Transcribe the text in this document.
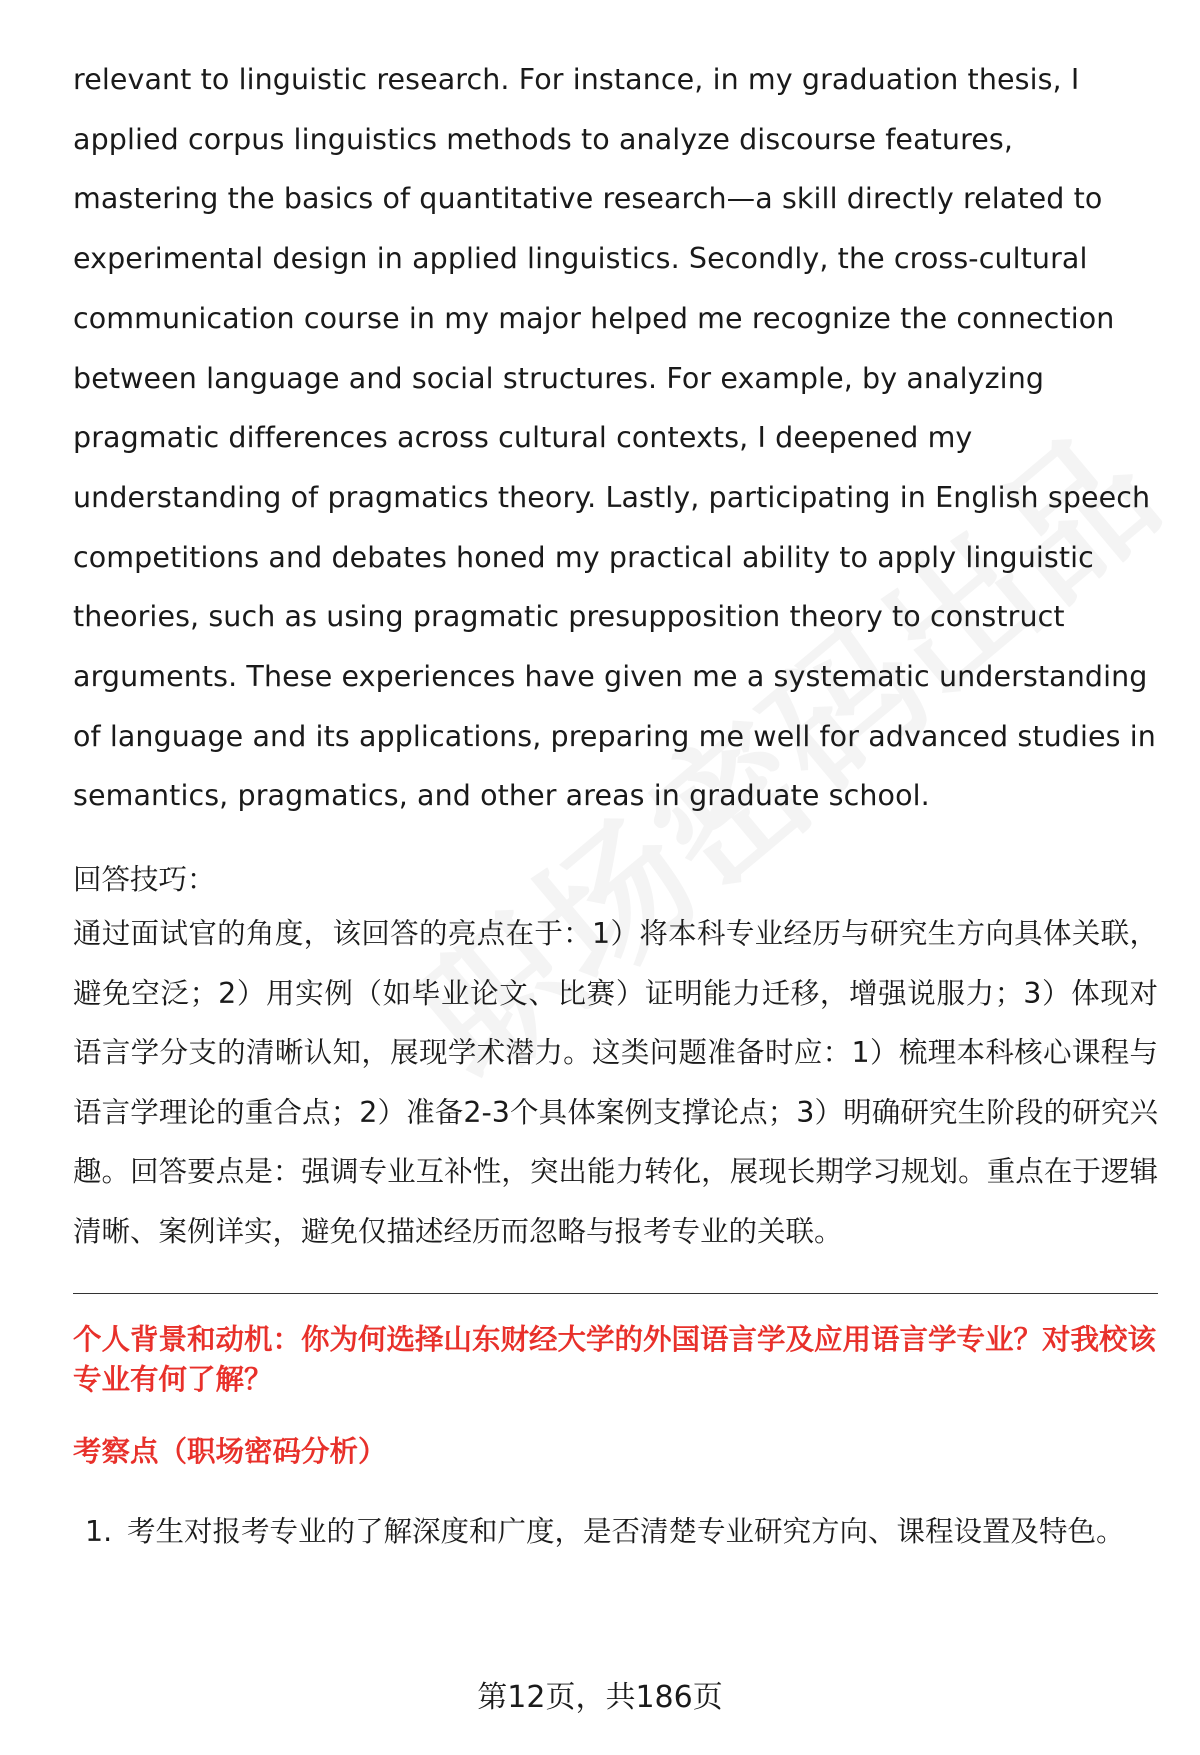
relevant to linguistic research. For instance, in my graduation thesis, I applied corpus linguistics methods to analyze discourse features, mastering the basics of quantitative research—a skill directly related to experimental design in applied linguistics. Secondly, the cross-cultural communication course in my major helped me recognize the connection between language and social structures. For example, by analyzing pragmatic differences across cultural contexts, I deepened my understanding of pragmatics theory. Lastly, participating in English speech competitions and debates honed my practical ability to apply linguistic theories, such as using pragmatic presupposition theory to construct arguments. These experiences have given me a systematic understanding of language and its applications, preparing me well for advanced studies in semantics, pragmatics, and other areas in graduate school.

回答技巧：

通过面试官的角度，该回答的亮点在于：1）将本科专业经历与研究生方向具体关联，避免空泛；2）用实例（如毕业论文、比赛）证明能力迁移，增强说服力；3）体现对语言学分支的清晰认知，展现学术潜力。这类问题准备时应：1）梳理本科核心课程与语言学理论的重合点；2）准备2-3个具体案例支撑论点；3）明确研究生阶段的研究兴趣。回答要点是：强调专业互补性，突出能力转化，展现长期学习规划。重点在于逻辑清晰、案例详实，避免仅描述经历而忽略与报考专业的关联。

个人背景和动机：你为何选择山东财经大学的外国语言学及应用语言学专业？对我校该专业有何了解？

考察点（职场密码分析）

1. 考生对报考专业的了解深度和广度，是否清楚专业研究方向、课程设置及特色。
第12页，共186页
